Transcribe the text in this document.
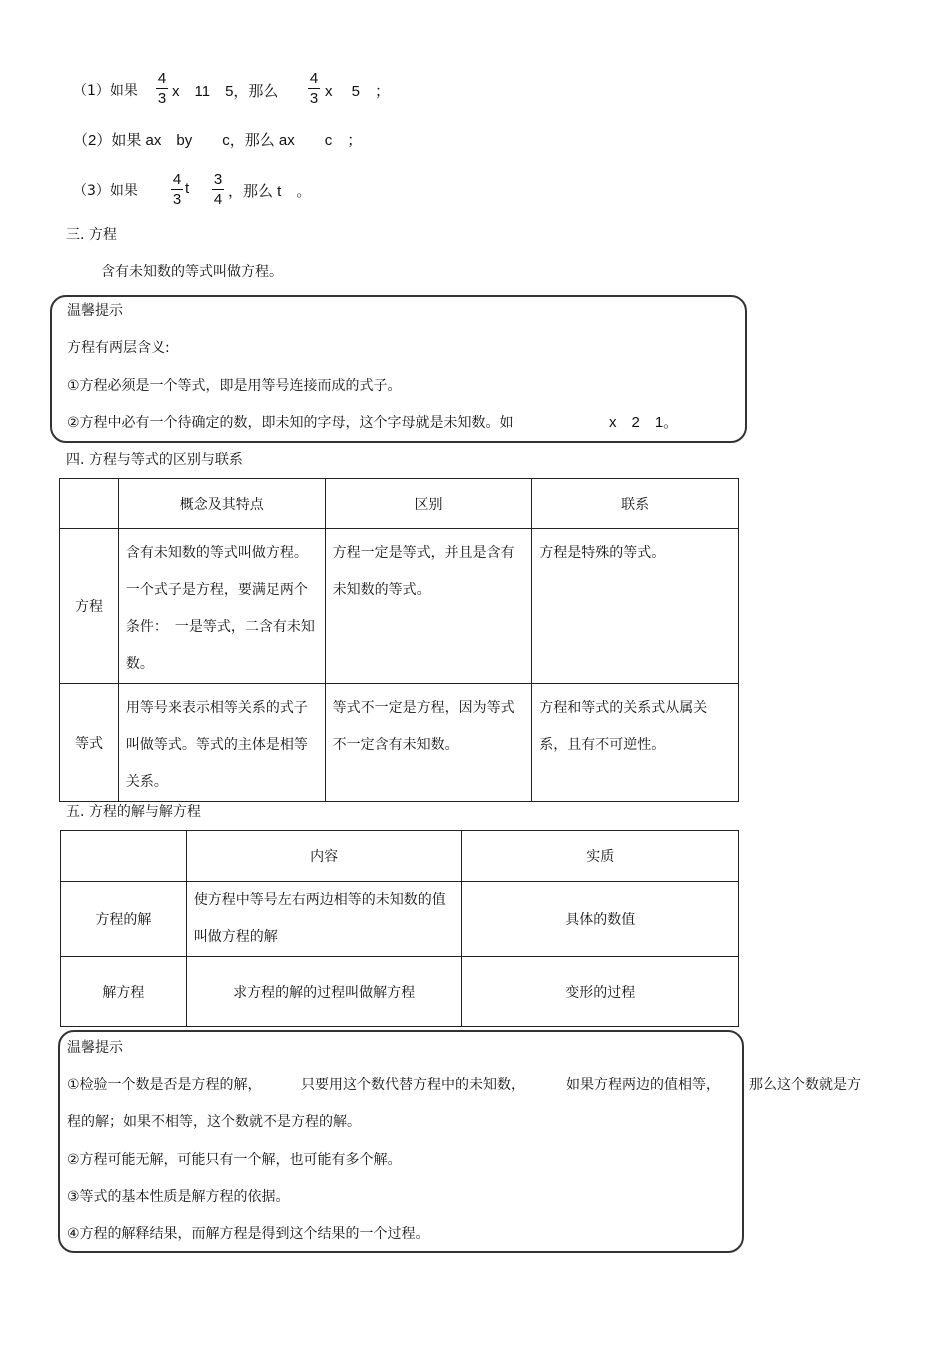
（1）如果
4
3 x　11　5，那么
4
3 x　 5　；
（2）如果 ax　by　　c，那么 ax　　c　；
（3）如果
4
3
t
3
4 ，那么 t　。
三. 方程
含有未知数的等式叫做方程。
温馨提示
方程有两层含义:
①方程必须是一个等式，即是用等号连接而成的式子。
②方程中必有一个待确定的数，即未知的字母，这个字母就是未知数。如	x　2　1。
四. 方程与等式的区别与联系
	概念及其特点	区别	联系
方程	含有未知数的等式叫做方程。一个式子是方程，要满足两个条件：　一是等式，二含有未知数。	方程一定是等式，并且是含有未知数的等式。	方程是特殊的等式。
等式	用等号来表示相等关系的式子叫做等式。等式的主体是相等关系。	等式不一定是方程，因为等式不一定含有未知数。	方程和等式的关系式从属关系，且有不可逆性。
五. 方程的解与解方程
	内容	实质
方程的解	使方程中等号左右两边相等的未知数的值叫做方程的解	具体的数值
解方程	求方程的解的过程叫做解方程	变形的过程
温馨提示
①检验一个数是否是方程的解，	只要用这个数代替方程中的未知数，	如果方程两边的值相等， 那么这个数就是方
程的解；如果不相等，这个数就不是方程的解。
②方程可能无解，可能只有一个解，也可能有多个解。
③等式的基本性质是解方程的依据。
④方程的解释结果，而解方程是得到这个结果的一个过程。
